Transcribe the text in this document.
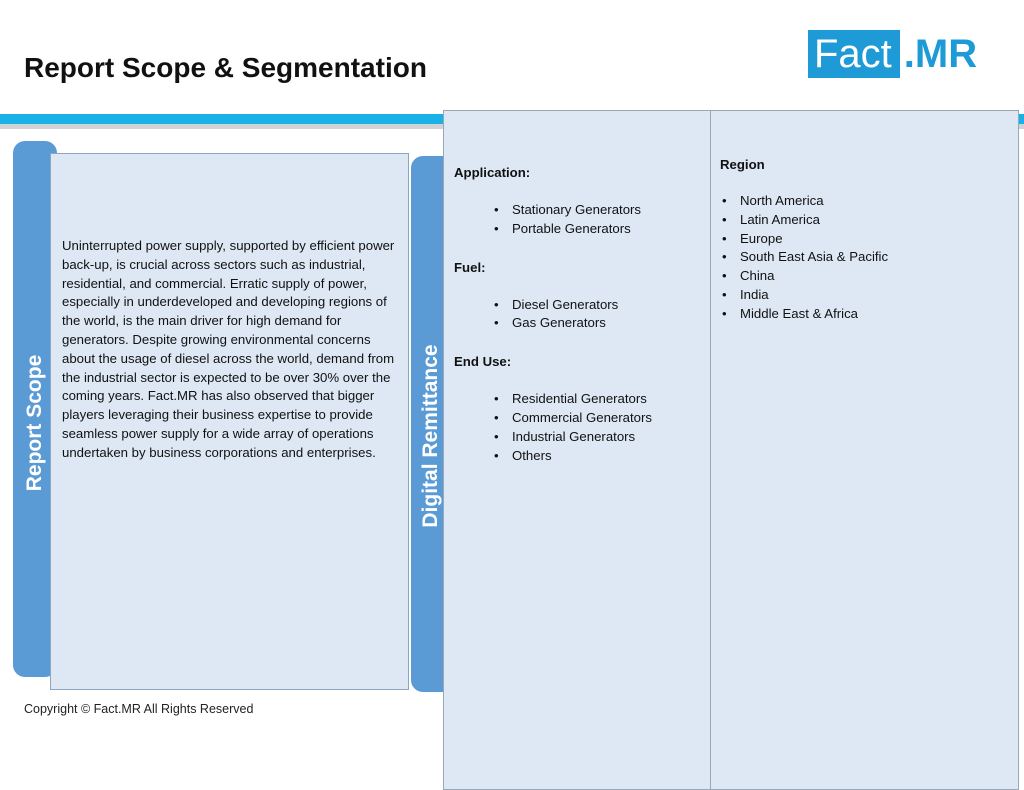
Report Scope & Segmentation	Fact . MR
Report Scope

Uninterrupted power supply, supported by efficient power back-up, is crucial across sectors such as industrial, residential, and commercial. Erratic supply of power, especially in underdeveloped and developing regions of the world, is the main driver for high demand for generators. Despite growing environmental concerns about the usage of diesel across the world, demand from the industrial sector is expected to be over 30% over the coming years. Fact.MR has also observed that bigger players leveraging their business expertise to provide seamless power supply for a wide array of operations undertaken by business corporations and enterprises.	Digital Remittance
Application:
• Stationary Generators
• Portable Generators
Fuel:
• Diesel Generators
• Gas Generators
End Use:
• Residential Generators
• Commercial Generators
• Industrial Generators
• Others
Region
• North America
• Latin America
• Europe
• South East Asia & Pacific
• China
• India
• Middle East & Africa
Copyright © Fact.MR All Rights Reserved
